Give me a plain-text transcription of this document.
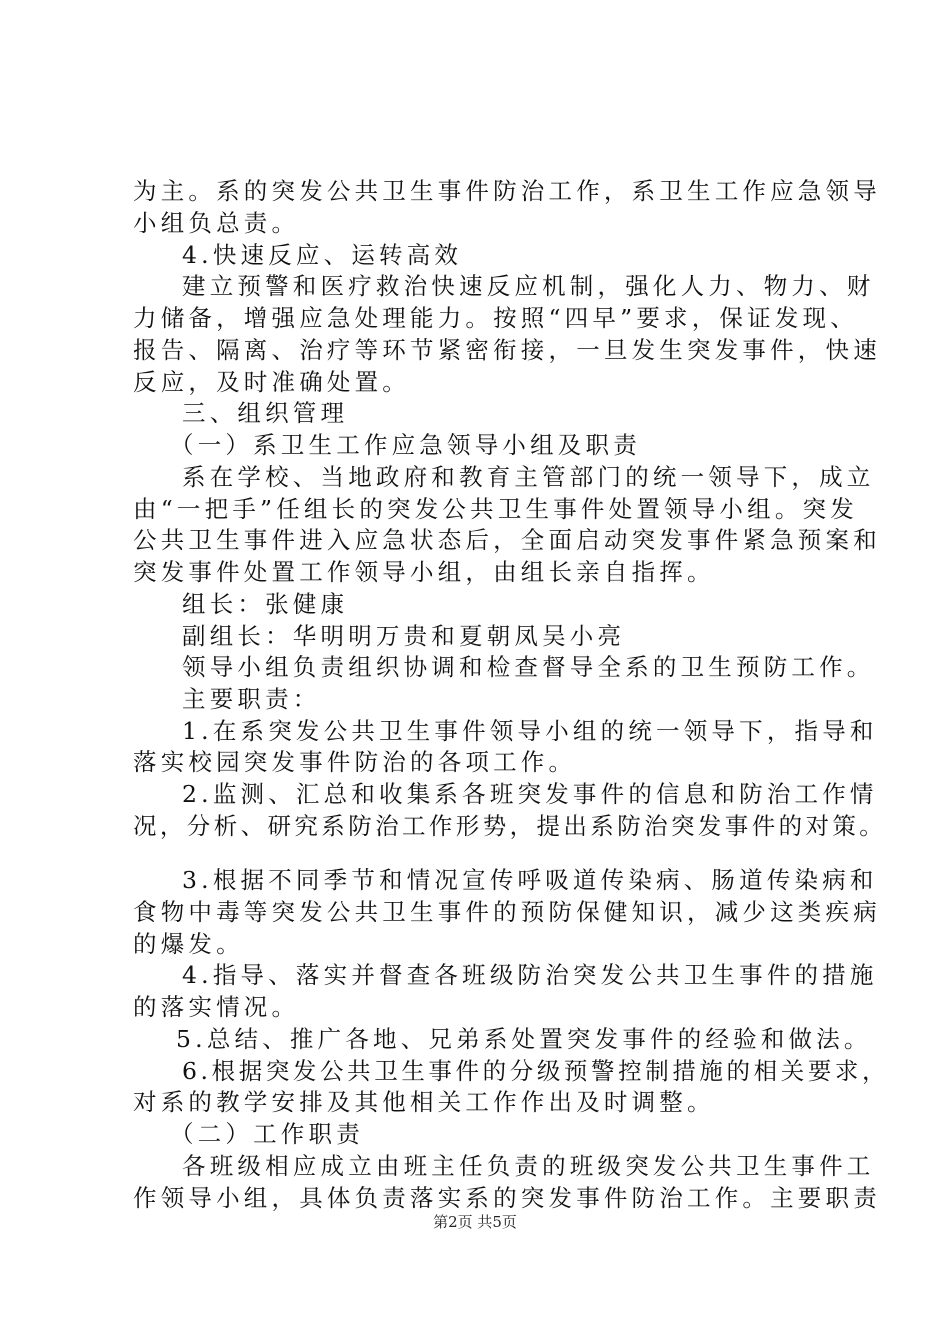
为主。系的突发公共卫生事件防治工作，系卫生工作应急领导
小组负总责。
4.快速反应、运转高效
建立预警和医疗救治快速反应机制，强化人力、物力、财
力储备，增强应急处理能力。按照“四早”要求，保证发现、
报告、隔离、治疗等环节紧密衔接，一旦发生突发事件，快速
反应，及时准确处置。
三、组织管理
（一）系卫生工作应急领导小组及职责
系在学校、当地政府和教育主管部门的统一领导下，成立
由“一把手”任组长的突发公共卫生事件处置领导小组。突发
公共卫生事件进入应急状态后，全面启动突发事件紧急预案和
突发事件处置工作领导小组，由组长亲自指挥。
组长：张健康
副组长：华明明万贵和夏朝凤吴小亮
领导小组负责组织协调和检查督导全系的卫生预防工作。
主要职责：
1.在系突发公共卫生事件领导小组的统一领导下，指导和
落实校园突发事件防治的各项工作。
2.监测、汇总和收集系各班突发事件的信息和防治工作情
况，分析、研究系防治工作形势，提出系防治突发事件的对策。
3.根据不同季节和情况宣传呼吸道传染病、肠道传染病和
食物中毒等突发公共卫生事件的预防保健知识，减少这类疾病
的爆发。
4.指导、落实并督查各班级防治突发公共卫生事件的措施
的落实情况。
5.总结、推广各地、兄弟系处置突发事件的经验和做法。
6.根据突发公共卫生事件的分级预警控制措施的相关要求，
对系的教学安排及其他相关工作作出及时调整。
（二）工作职责
各班级相应成立由班主任负责的班级突发公共卫生事件工
作领导小组，具体负责落实系的突发事件防治工作。主要职责
第2页 共5页
